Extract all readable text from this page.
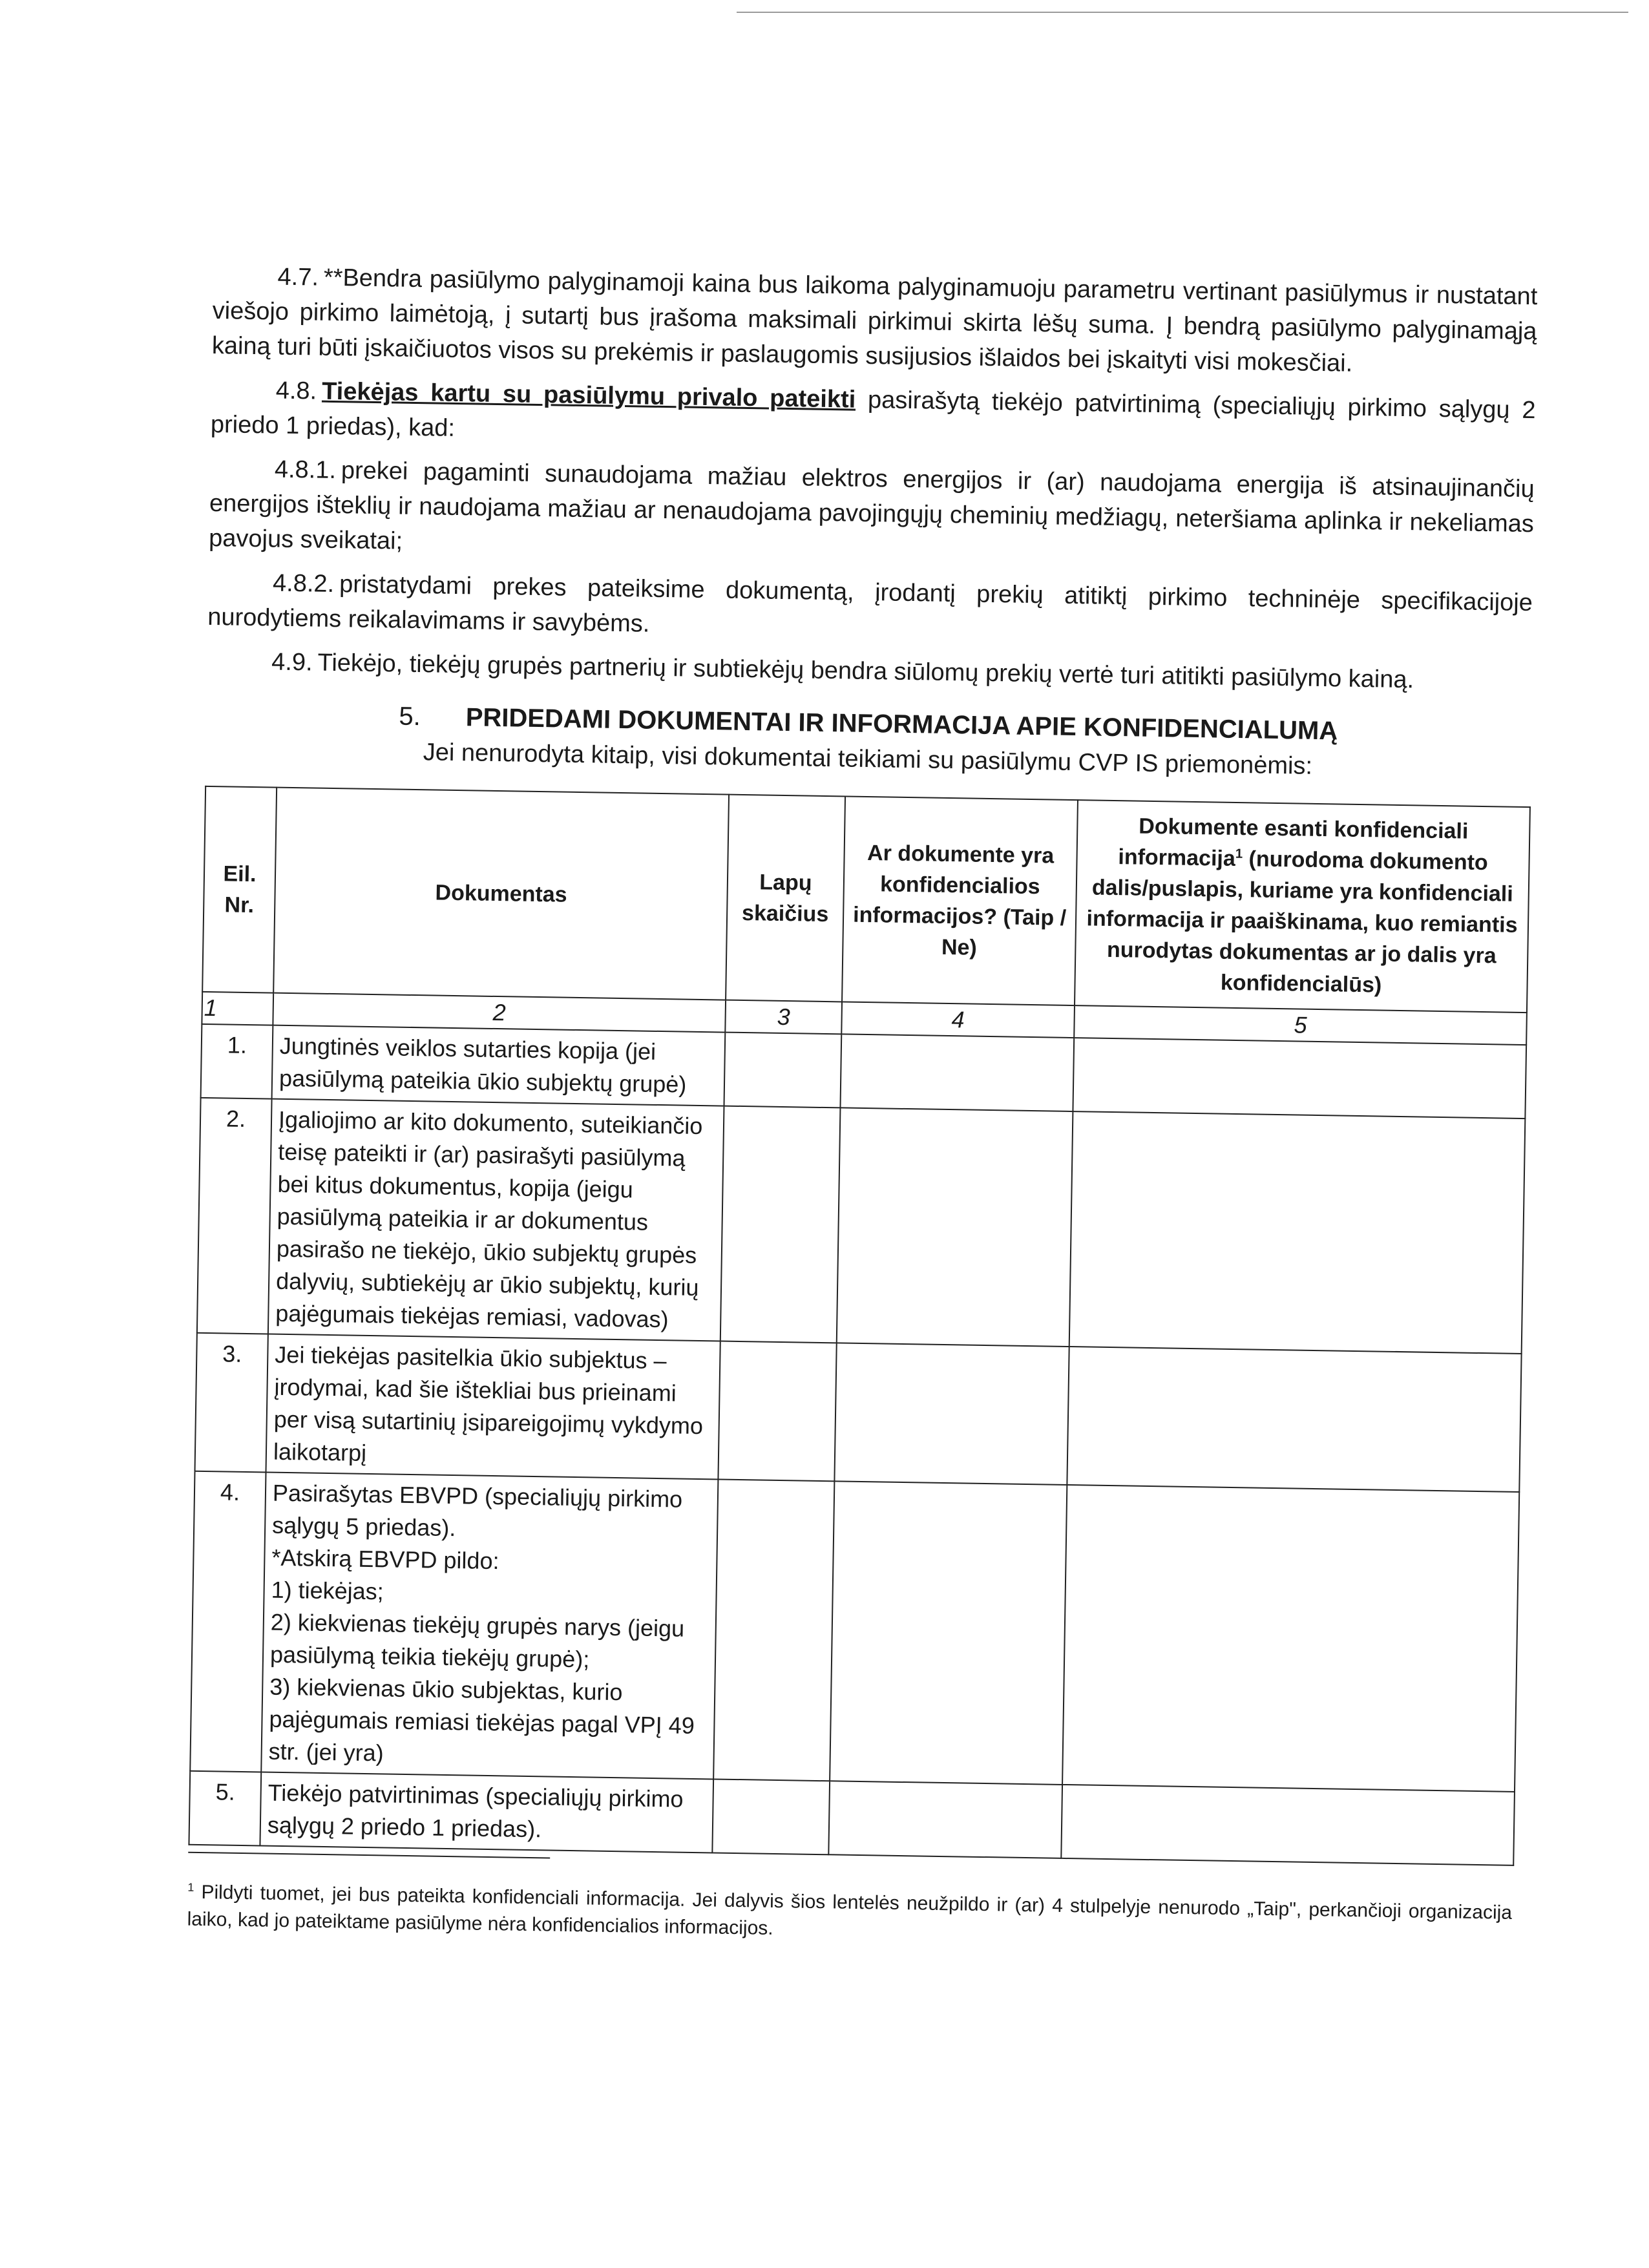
4.7. **Bendra pasiūlymo palyginamoji kaina bus laikoma palyginamuoju parametru vertinant pasiūlymus ir nustatant viešojo pirkimo laimėtoją, į sutartį bus įrašoma maksimali pirkimui skirta lėšų suma. Į bendrą pasiūlymo palyginamąją kainą turi būti įskaičiuotos visos su prekėmis ir paslaugomis susijusios išlaidos bei įskaityti visi mokesčiai.

4.8. Tiekėjas kartu su pasiūlymu privalo pateikti pasirašytą tiekėjo patvirtinimą (specialiųjų pirkimo sąlygų 2 priedo 1 priedas), kad:

4.8.1. prekei pagaminti sunaudojama mažiau elektros energijos ir (ar) naudojama energija iš atsinaujinančių energijos išteklių ir naudojama mažiau ar nenaudojama pavojingųjų cheminių medžiagų, neteršiama aplinka ir nekeliamas pavojus sveikatai;

4.8.2. pristatydami prekes pateiksime dokumentą, įrodantį prekių atitiktį pirkimo techninėje specifikacijoje nurodytiems reikalavimams ir savybėms.

4.9. Tiekėjo, tiekėjų grupės partnerių ir subtiekėjų bendra siūlomų prekių vertė turi atitikti pasiūlymo kainą.

5. PRIDEDAMI DOKUMENTAI IR INFORMACIJA APIE KONFIDENCIALUMĄ
Jei nenurodyta kitaip, visi dokumentai teikiami su pasiūlymu CVP IS priemonėmis:
Eil. Nr.	Dokumentas	Lapų skaičius	Ar dokumente yra konfidencialios informacijos? (Taip / Ne)	Dokumente esanti konfidenciali informacija$^1$ (nurodoma dokumento dalis/puslapis, kuriame yra konfidenciali informacija ir paaiškinama, kuo remiantis nurodytas dokumentas ar jo dalis yra konfidencialūs)
1	2	3	4	5
1.	Jungtinės veiklos sutarties kopija (jei pasiūlymą pateikia ūkio subjektų grupė)			
2.	Įgaliojimo ar kito dokumento, suteikiančio teisę pateikti ir (ar) pasirašyti pasiūlymą bei kitus dokumentus, kopija (jeigu pasiūlymą pateikia ir ar dokumentus pasirašo ne tiekėjo, ūkio subjektų grupės dalyvių, subtiekėjų ar ūkio subjektų, kurių pajėgumais tiekėjas remiasi, vadovas)			
3.	Jei tiekėjas pasitelkia ūkio subjektus – įrodymai, kad šie ištekliai bus prieinami per visą sutartinių įsipareigojimų vykdymo laikotarpį			
4.	Pasirašytas EBVPD (specialiųjų pirkimo sąlygų 5 priedas).
*Atskirą EBVPD pildo:
1) tiekėjas;
2) kiekvienas tiekėjų grupės narys (jeigu pasiūlymą teikia tiekėjų grupė);
3) kiekvienas ūkio subjektas, kurio pajėgumais remiasi tiekėjas pagal VPĮ 49 str. (jei yra)			

5.	Tiekėjo patvirtinimas (specialiųjų pirkimo sąlygų 2 priedo 1 priedas).			

$^1$ Pildyti tuomet, jei bus pateikta konfidenciali informacija. Jei dalyvis šios lentelės neužpildo ir (ar) 4 stulpelyje nenurodo „Taip", perkančioji organizacija laiko, kad jo pateiktame pasiūlyme nėra konfidencialios informacijos.
